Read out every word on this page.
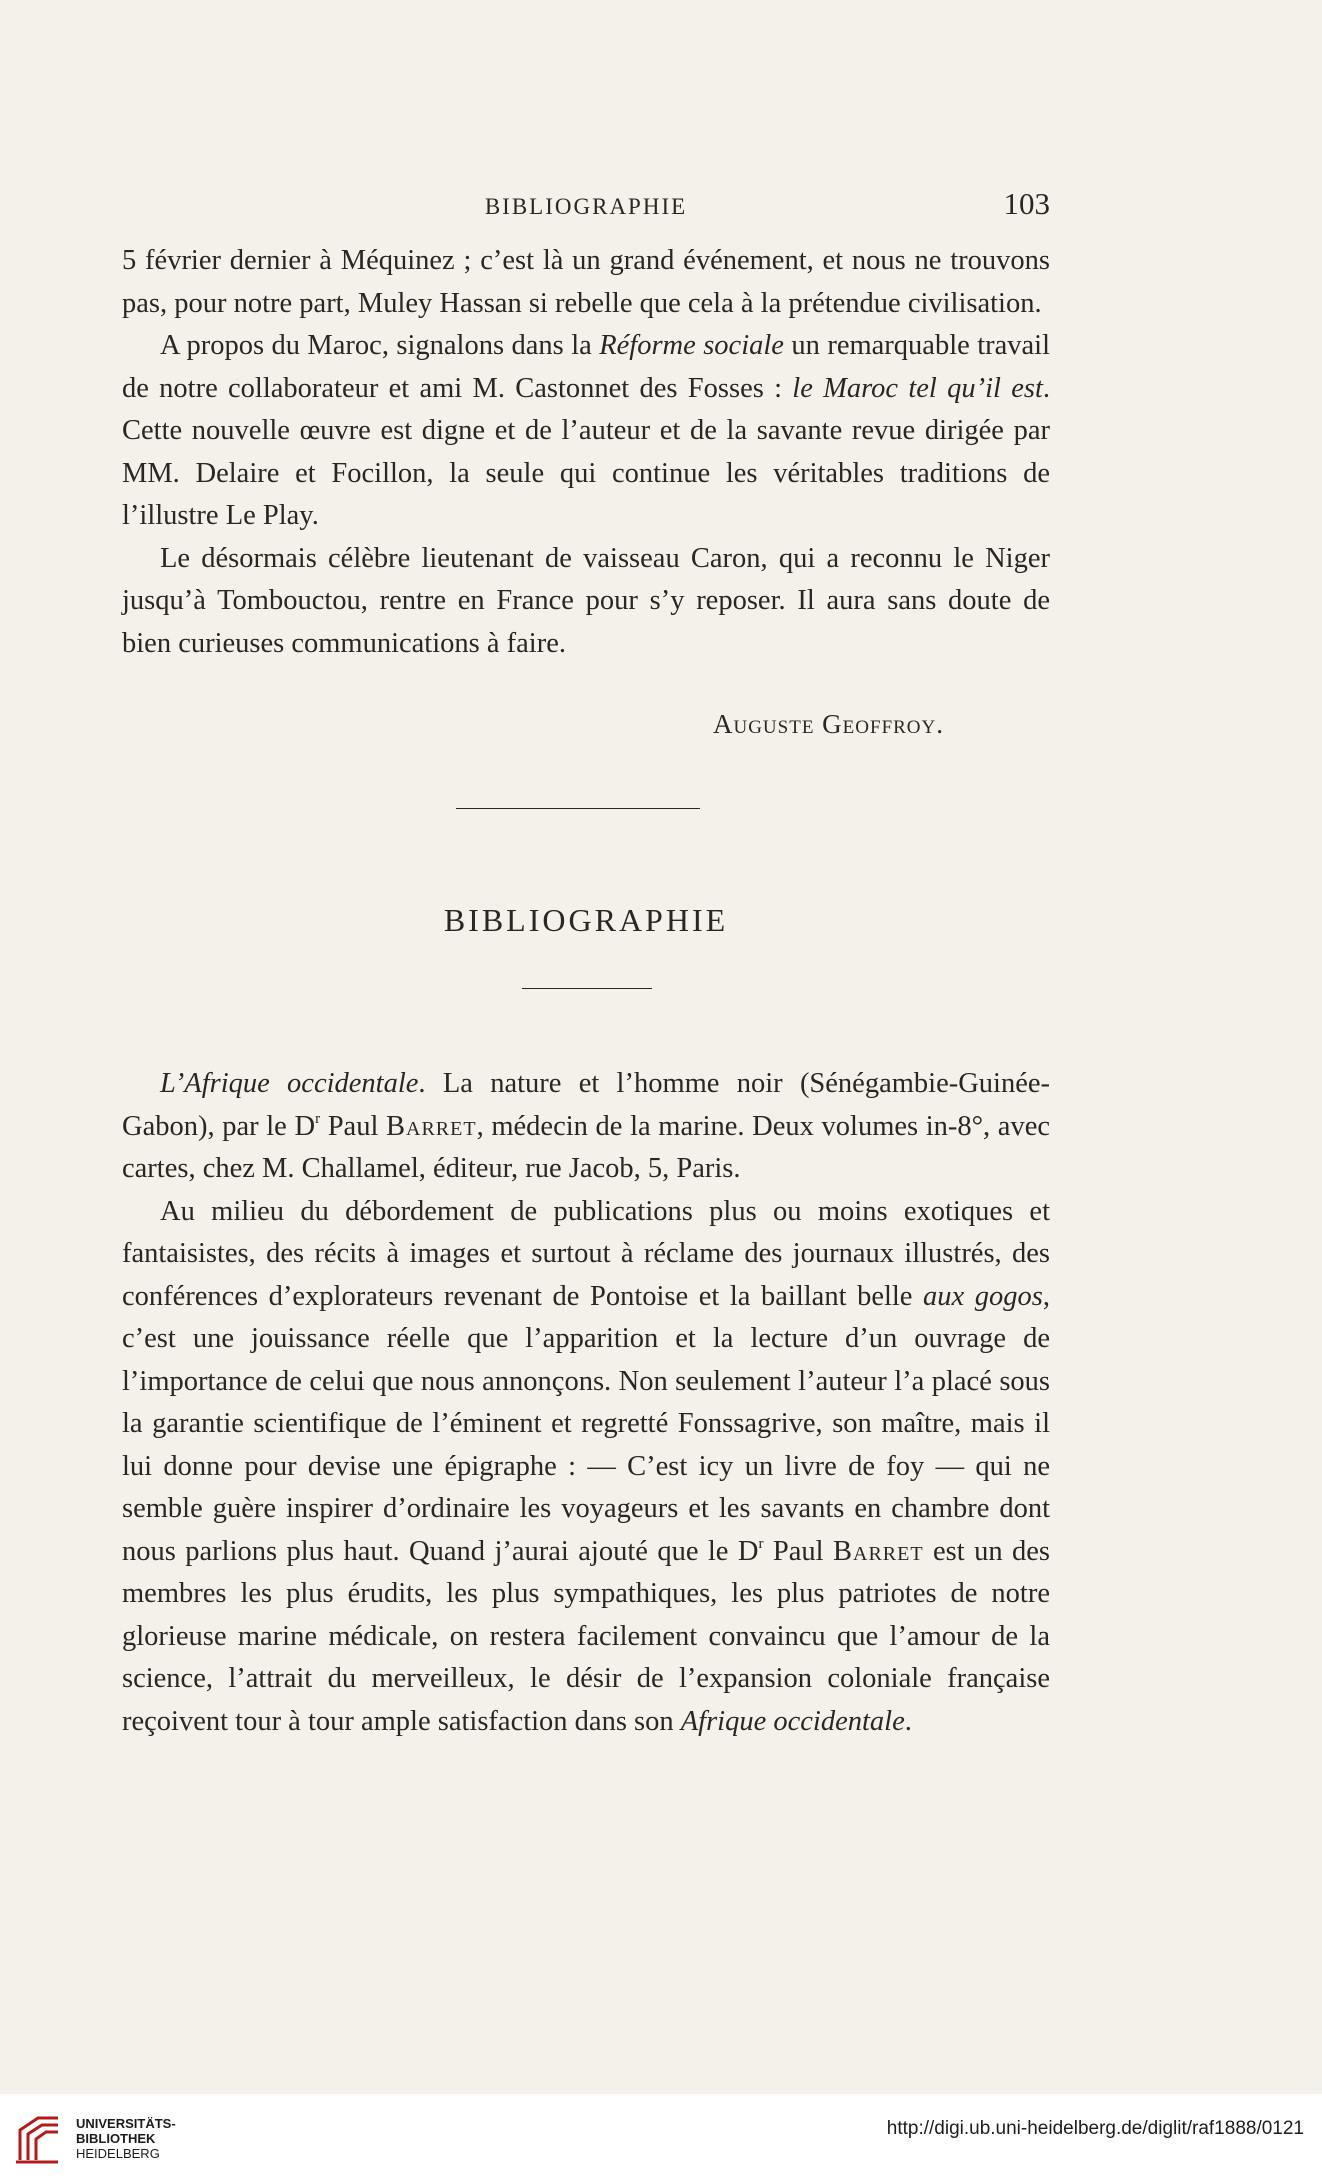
BIBLIOGRAPHIE	103

5 février dernier à Méquinez ; c’est là un grand événement, et nous ne trouvons pas, pour notre part, Muley Hassan si rebelle que cela à la prétendue civilisation.

A propos du Maroc, signalons dans la Réforme sociale un remarquable travail de notre collaborateur et ami M. Castonnet des Fosses : le Maroc tel qu’il est. Cette nouvelle œuvre est digne et de l’auteur et de la savante revue dirigée par MM. Delaire et Focillon, la seule qui continue les véritables traditions de l’illustre Le Play.

Le désormais célèbre lieutenant de vaisseau Caron, qui a reconnu le Niger jusqu’à Tombouctou, rentre en France pour s’y reposer. Il aura sans doute de bien curieuses communications à faire.

Auguste Geoffroy.
BIBLIOGRAPHIE

L’Afrique occidentale. La nature et l’homme noir (Sénégambie-Guinée-Gabon), par le $D^r$ Paul Barret, médecin de la marine. Deux volumes in-8°, avec cartes, chez M. Challamel, éditeur, rue Jacob, 5, Paris.

Au milieu du débordement de publications plus ou moins exotiques et fantaisistes, des récits à images et surtout à réclame des journaux illustrés, des conférences d’explorateurs revenant de Pontoise et la baillant belle aux gogos, c’est une jouissance réelle que l’apparition et la lecture d’un ouvrage de l’importance de celui que nous annonçons. Non seulement l’auteur l’a placé sous la garantie scientifique de l’éminent et regretté Fonssagrive, son maître, mais il lui donne pour devise une épigraphe : — C’est icy un livre de foy — qui ne semble guère inspirer d’ordinaire les voyageurs et les savants en chambre dont nous parlions plus haut. Quand j’aurai ajouté que le $D^r$ Paul Barret est un des membres les plus érudits, les plus sympathiques, les plus patriotes de notre glorieuse marine médicale, on restera facilement convaincu que l’amour de la science, l’attrait du merveilleux, le désir de l’expansion coloniale française reçoivent tour à tour ample satisfaction dans son Afrique occidentale.

UNIVERSITÄTS-
BIBLIOTHEK
HEIDELBERG
http://digi.ub.uni-heidelberg.de/diglit/raf1888/0121
